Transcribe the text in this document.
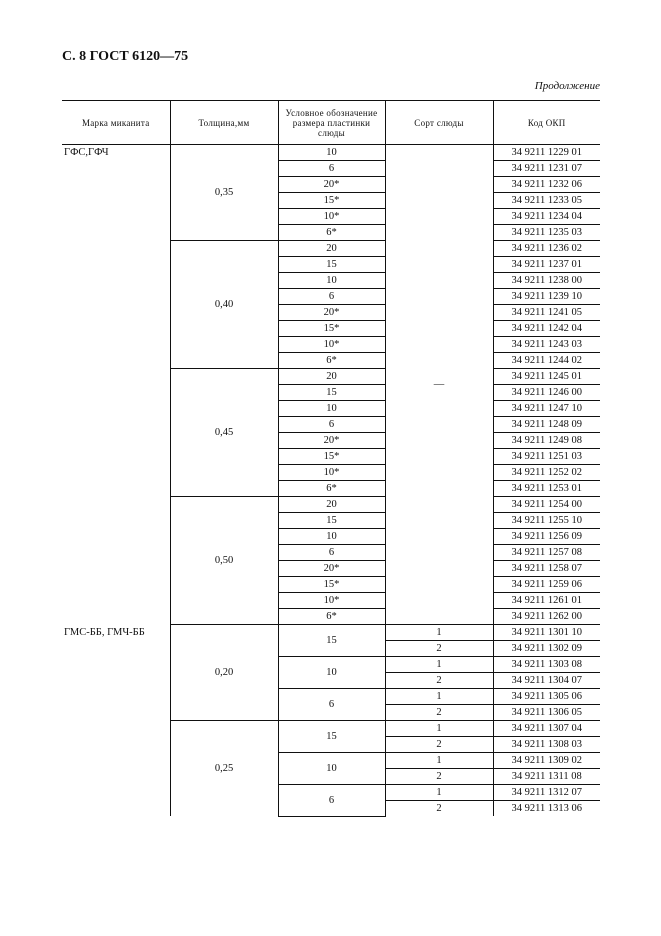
С. 8 ГОСТ 6120—75
Продолжение
Марка миканита	Толщина,мм	Условное обозначение размера пластинки слюды	Сорт слюды	Код ОКП
ГФС,ГФЧ	0,35	10	—	34 9211 1229 01
		6		34 9211 1231 07
		20*		34 9211 1232 06
		15*		34 9211 1233 05
		10*		34 9211 1234 04
		6*		34 9211 1235 03
	0,40	20		34 9211 1236 02
		15		34 9211 1237 01
		10		34 9211 1238 00
		6		34 9211 1239 10
		20*		34 9211 1241 05
		15*		34 9211 1242 04
		10*		34 9211 1243 03
		6*		34 9211 1244 02
	0,45	20		34 9211 1245 01
		15		34 9211 1246 00
		10		34 9211 1247 10
		6		34 9211 1248 09
		20*		34 9211 1249 08
		15*		34 9211 1251 03
		10*		34 9211 1252 02
		6*		34 9211 1253 01
	0,50	20		34 9211 1254 00
		15		34 9211 1255 10
		10		34 9211 1256 09
		6		34 9211 1257 08
		20*		34 9211 1258 07
		15*		34 9211 1259 06
		10*		34 9211 1261 01
		6*		34 9211 1262 00
ГМС-ББ, ГМЧ-ББ	0,20	15	1	34 9211 1301 10
			2	34 9211 1302 09
		10	1	34 9211 1303 08
			2	34 9211 1304 07
		6	1	34 9211 1305 06
			2	34 9211 1306 05
	0,25	15	1	34 9211 1307 04
			2	34 9211 1308 03
		10	1	34 9211 1309 02
			2	34 9211 1311 08
		6	1	34 9211 1312 07
			2	34 9211 1313 06
